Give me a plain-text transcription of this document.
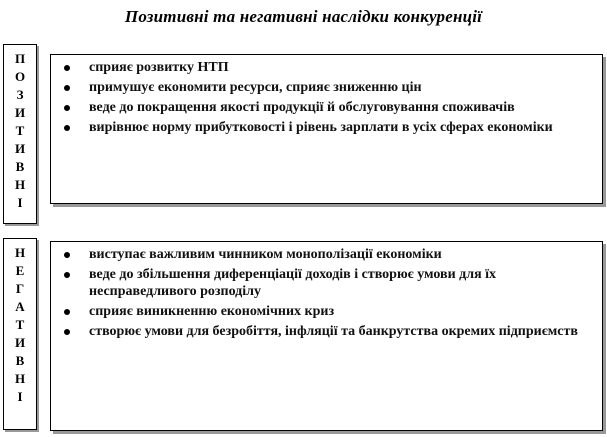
Позитивні та негативні наслідки конкуренції
П
О
З
И
Т
И
В
Н
І
сприяє розвитку НТП
примушує економити ресурси, сприяє зниженню цін
веде до покращення якості продукції й обслуговування споживачів
вирівнює норму прибутковості і рівень зарплати в усіх сферах економіки
Н
Е
Г
А
Т
И
В
Н
І
виступає важливим чинником монополізації економіки
веде до збільшення диференціації доходів і створює умови для їх несправедливого розподілу
сприяє виникненню економічних криз
створює умови для безробіття, інфляції та банкрутства окремих підприємств
